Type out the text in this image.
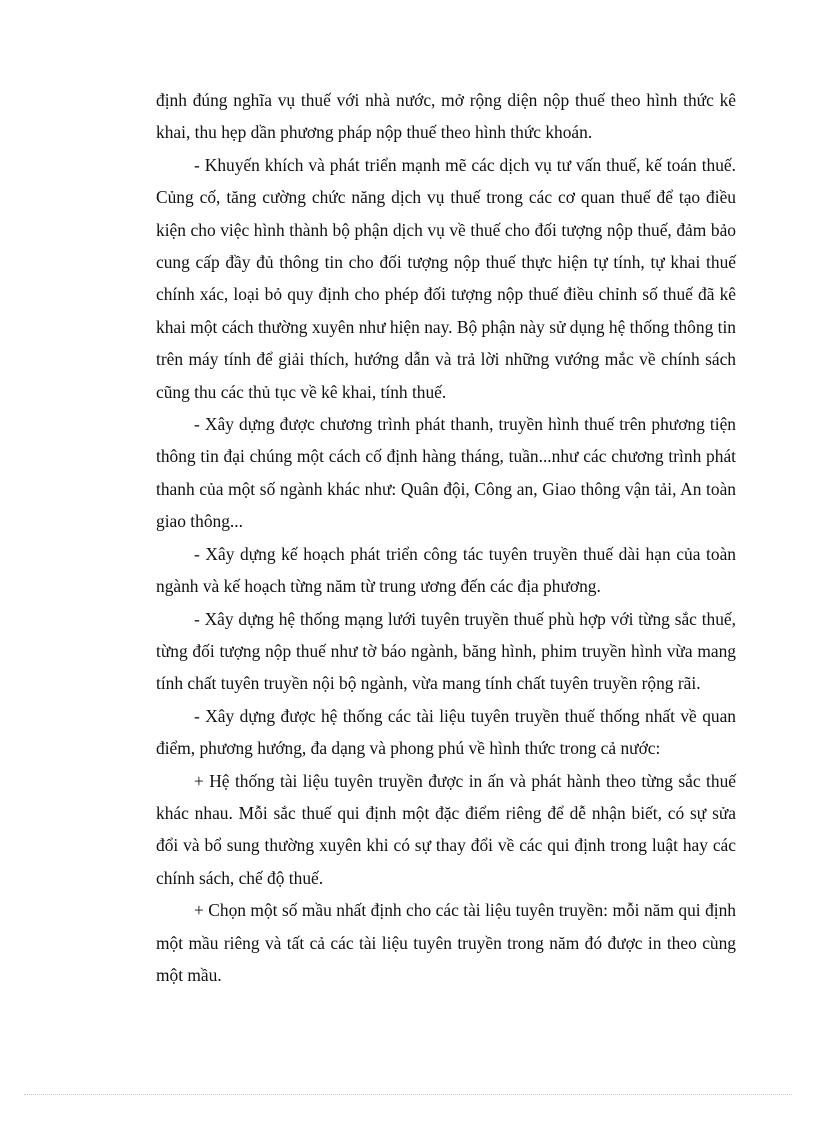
định đúng nghĩa vụ thuế với nhà nước, mở rộng diện nộp thuế theo hình thức kê khai, thu hẹp dần phương pháp nộp thuế theo hình thức khoán.

- Khuyến khích và phát triển mạnh mẽ các dịch vụ tư vấn thuế, kế toán thuế. Củng cố, tăng cường chức năng dịch vụ thuế trong các cơ quan thuế để tạo điều kiện cho việc hình thành bộ phận dịch vụ về thuế cho đối tượng nộp thuế, đảm bảo cung cấp đầy đủ thông tin cho đối tượng nộp thuế thực hiện tự tính, tự khai thuế chính xác, loại bỏ quy định cho phép đối tượng nộp thuế điều chỉnh số thuế đã kê khai một cách thường xuyên như hiện nay. Bộ phận này sử dụng hệ thống thông tin trên máy tính để giải thích, hướng dẫn và trả lời những vướng mắc về chính sách cũng thu các thủ tục về kê khai, tính thuế.

- Xây dựng được chương trình phát thanh, truyền hình thuế trên phương tiện thông tin đại chúng một cách cố định hàng tháng, tuần...như các chương trình phát thanh của một số ngành khác như: Quân đội, Công an, Giao thông vận tải, An toàn giao thông...

- Xây dựng kế hoạch phát triển công tác tuyên truyền thuế dài hạn của toàn ngành và kế hoạch từng năm từ trung ương đến các địa phương.

- Xây dựng hệ thống mạng lưới tuyên truyền thuế phù hợp với từng sắc thuế, từng đối tượng nộp thuế như tờ báo ngành, băng hình, phim truyền hình vừa mang tính chất tuyên truyền nội bộ ngành, vừa mang tính chất tuyên truyền rộng rãi.

- Xây dựng được hệ thống các tài liệu tuyên truyền thuế thống nhất về quan điểm, phương hướng, đa dạng và phong phú về hình thức trong cả nước:

+ Hệ thống tài liệu tuyên truyền được in ấn và phát hành theo từng sắc thuế khác nhau. Mỗi sắc thuế qui định một đặc điểm riêng để dễ nhận biết, có sự sửa đổi và bổ sung thường xuyên khi có sự thay đổi về các qui định trong luật hay các chính sách, chế độ thuế.

+ Chọn một số mầu nhất định cho các tài liệu tuyên truyền: mỗi năm qui định một mầu riêng và tất cả các tài liệu tuyên truyền trong năm đó được in theo cùng một mầu.
